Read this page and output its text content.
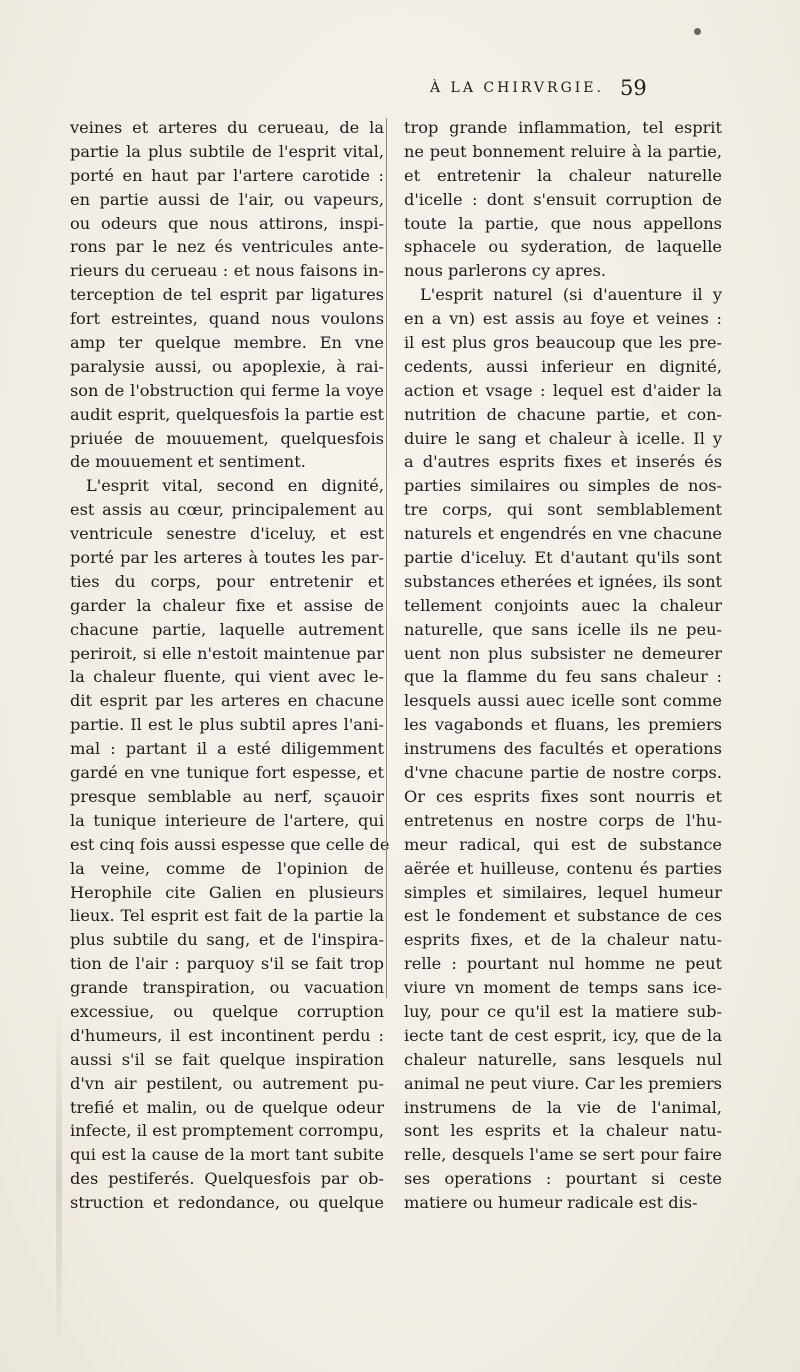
À LA CHIRVRGIE. 59
veines et arteres du cerueau, de la
partie la plus subtile de l'esprit vital,
porté en haut par l'artere carotide :
en partie aussi de l'air, ou vapeurs,
ou odeurs que nous attirons, inspi-
rons par le nez és ventricules ante-
rieurs du cerueau : et nous faisons in-
terception de tel esprit par ligatures
fort estreintes, quand nous voulons
amp ter quelque membre. En vne
paralysie aussi, ou apoplexie, à rai-
son de l'obstruction qui ferme la voye
audit esprit, quelquesfois la partie est
priuée de mouuement, quelquesfois
de mouuement et sentiment.
L'esprit vital, second en dignité,
est assis au cœur, principalement au
ventricule senestre d'iceluy, et est
porté par les arteres à toutes les par-
ties du corps, pour entretenir et
garder la chaleur fixe et assise de
chacune partie, laquelle autrement
periroit, si elle n'estoit maintenue par
la chaleur fluente, qui vient avec le-
dit esprit par les arteres en chacune
partie. Il est le plus subtil apres l'ani-
mal : partant il a esté diligemment
gardé en vne tunique fort espesse, et
presque semblable au nerf, sçauoir
la tunique interieure de l'artere, qui
est cinq fois aussi espesse que celle de
la veine, comme de l'opinion de
Herophile cite Galien en plusieurs
lieux. Tel esprit est fait de la partie la
plus subtile du sang, et de l'inspira-
tion de l'air : parquoy s'il se fait trop
grande transpiration, ou vacuation
excessiue, ou quelque corruption
d'humeurs, il est incontinent perdu :
aussi s'il se fait quelque inspiration
d'vn air pestilent, ou autrement pu-
trefié et malin, ou de quelque odeur
infecte, il est promptement corrompu,
qui est la cause de la mort tant subite
des pestiferés. Quelquesfois par ob-
struction et redondance, ou quelque
trop grande inflammation, tel esprit
ne peut bonnement reluire à la partie,
et entretenir la chaleur naturelle
d'icelle : dont s'ensuit corruption de
toute la partie, que nous appellons
sphacele ou syderation, de laquelle
nous parlerons cy apres.
L'esprit naturel (si d'auenture il y
en a vn) est assis au foye et veines :
il est plus gros beaucoup que les pre-
cedents, aussi inferieur en dignité,
action et vsage : lequel est d'aider la
nutrition de chacune partie, et con-
duire le sang et chaleur à icelle. Il y
a d'autres esprits fixes et inserés és
parties similaires ou simples de nos-
tre corps, qui sont semblablement
naturels et engendrés en vne chacune
partie d'iceluy. Et d'autant qu'ils sont
substances etherées et ignées, ils sont
tellement conjoints auec la chaleur
naturelle, que sans icelle ils ne peu-
uent non plus subsister ne demeurer
que la flamme du feu sans chaleur :
lesquels aussi auec icelle sont comme
les vagabonds et fluans, les premiers
instrumens des facultés et operations
d'vne chacune partie de nostre corps.
Or ces esprits fixes sont nourris et
entretenus en nostre corps de l'hu-
meur radical, qui est de substance
aërée et huilleuse, contenu és parties
simples et similaires, lequel humeur
est le fondement et substance de ces
esprits fixes, et de la chaleur natu-
relle : pourtant nul homme ne peut
viure vn moment de temps sans ice-
luy, pour ce qu'il est la matiere sub-
iecte tant de cest esprit, icy, que de la
chaleur naturelle, sans lesquels nul
animal ne peut viure. Car les premiers
instrumens de la vie de l'animal,
sont les esprits et la chaleur natu-
relle, desquels l'ame se sert pour faire
ses operations : pourtant si ceste
matiere ou humeur radicale est dis-
